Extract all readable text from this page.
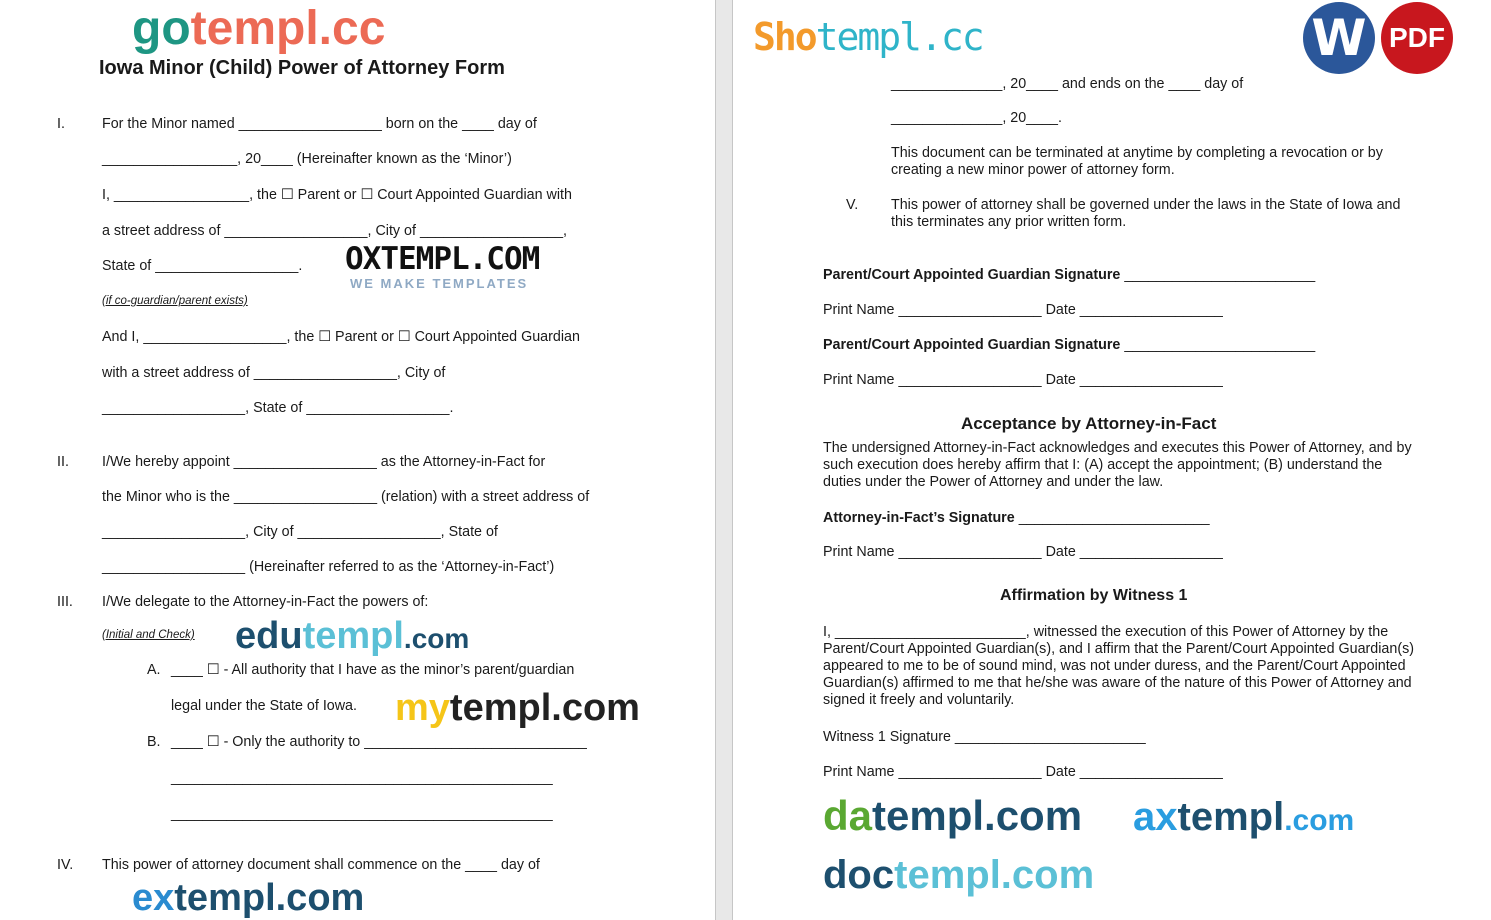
Iowa Minor (Child) Power of Attorney Form
I.	For the Minor named __________________ born on the ____ day of
_________________, 20____ (Hereinafter known as the ‘Minor’)
I, _________________, the ☐ Parent or ☐ Court Appointed Guardian with
a street address of __________________, City of __________________,
State of __________________.
(if co-guardian/parent exists)
And I, __________________, the ☐ Parent or ☐ Court Appointed Guardian
with a street address of __________________, City of
__________________, State of __________________.
II. I/We hereby appoint __________________ as the Attorney-in-Fact for
the Minor who is the __________________ (relation) with a street address of
__________________, City of __________________, State of
__________________ (Hereinafter referred to as the ‘Attorney-in-Fact’)
III. I/We delegate to the Attorney-in-Fact the powers of:
(Initial and Check)
A. ____ ☐ - All authority that I have as the minor’s parent/guardian
legal under the State of Iowa.
B. ____ ☐ - Only the authority to ____________________________
________________________________________________
________________________________________________
IV. This power of attorney document shall commence on the ____ day of
gotempl.cc
OXTEMPL.COM
WE MAKE TEMPLATES
mytempl.com
edutempl.com
extempl.com
______________, 20____ and ends on the ____ day of
______________, 20____.
This document can be terminated at anytime by completing a revocation or by creating a new minor power of attorney form.
V. This power of attorney shall be governed under the laws in the State of Iowa and this terminates any prior written form.
Parent/Court Appointed Guardian Signature ________________________
Print Name __________________ Date __________________
Parent/Court Appointed Guardian Signature ________________________
Print Name __________________ Date __________________
Acceptance by Attorney-in-Fact
The undersigned Attorney-in-Fact acknowledges and executes this Power of Attorney, and by such execution does hereby affirm that I: (A) accept the appointment; (B) understand the duties under the Power of Attorney and under the law.
Attorney-in-Fact’s Signature ________________________
Print Name __________________ Date __________________
Affirmation by Witness 1
I, ________________________, witnessed the execution of this Power of Attorney by the Parent/Court Appointed Guardian(s), and I affirm that the Parent/Court Appointed Guardian(s) appeared to me to be of sound mind, was not under duress, and the Parent/Court Appointed Guardian(s) affirmed to me that he/she was aware of the nature of this Power of Attorney and signed it freely and voluntarily.
Witness 1 Signature ________________________
Print Name __________________ Date __________________
W PDF
Shotempl.cc
datempl.com
doctempl.com
axtempl.com
